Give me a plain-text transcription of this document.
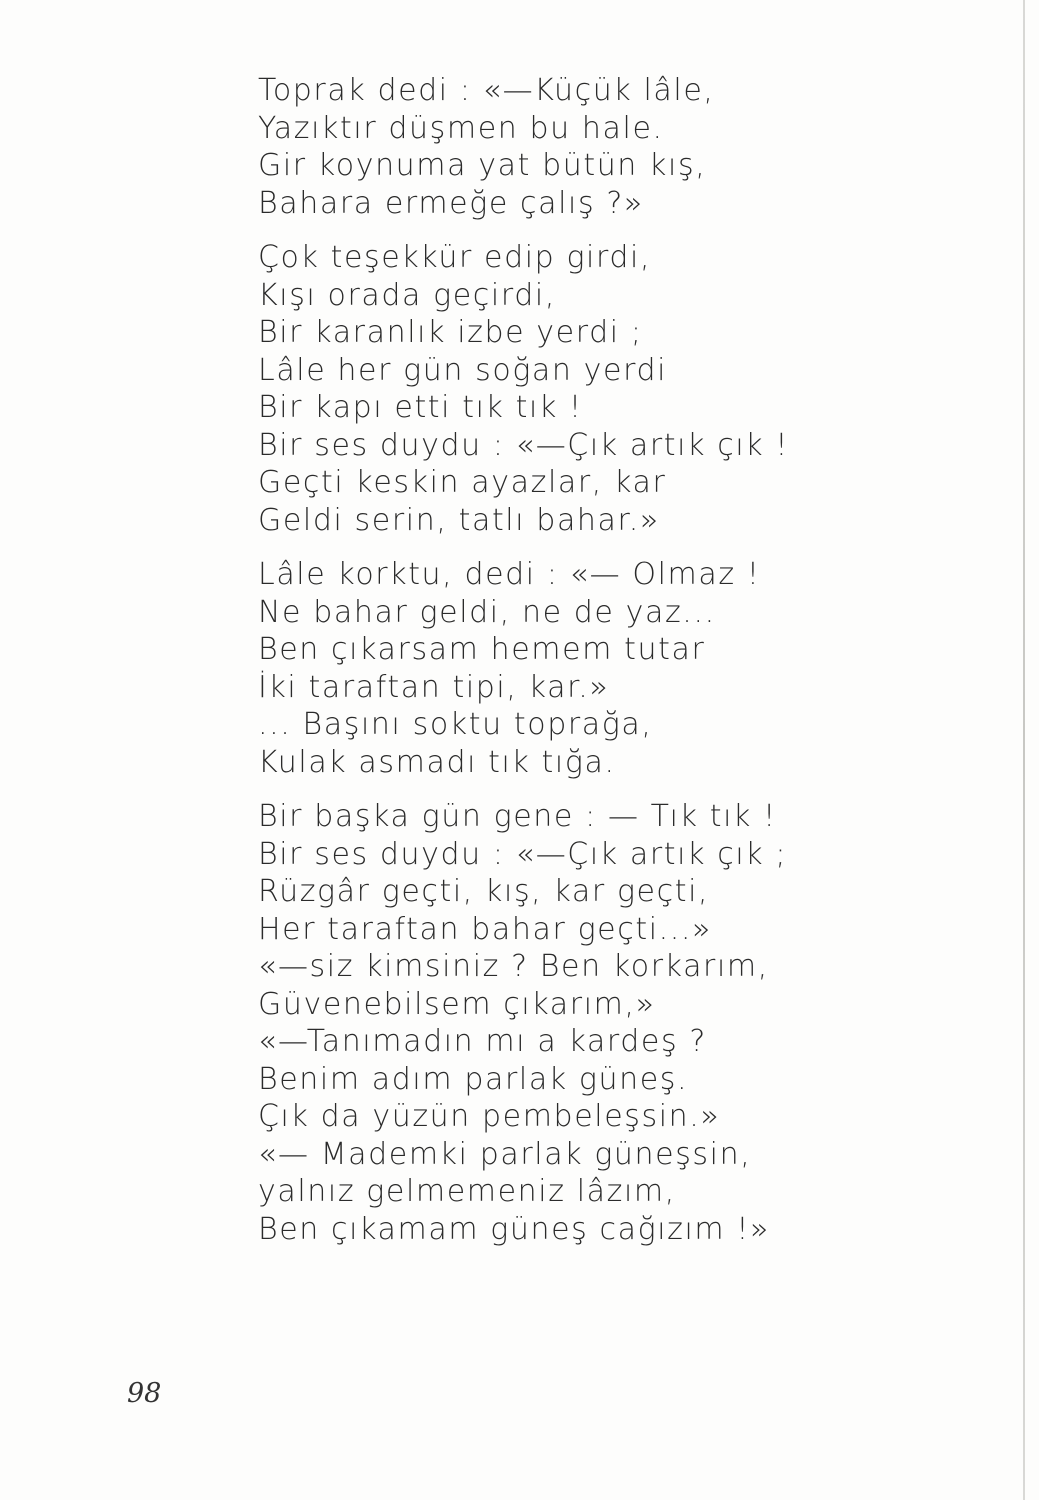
Toprak dedi : «—Küçük lâle,
Yazıktır düşmen bu hale.
Gir koynuma yat bütün kış,
Bahara ermeğe çalış ?»
Çok teşekkür edip girdi,
Kışı orada geçirdi,
Bir karanlık izbe yerdi ;
Lâle her gün soğan yerdi
Bir kapı etti tık tık !
Bir ses duydu : «—Çık artık çık !
Geçti keskin ayazlar, kar
Geldi serin, tatlı bahar.»
Lâle korktu, dedi : «— Olmaz !
Ne bahar geldi, ne de yaz...
Ben çıkarsam hemem tutar
İki taraftan tipi, kar.»
... Başını soktu toprağa,
Kulak asmadı tık tığa.
Bir başka gün gene : — Tık tık !
Bir ses duydu : «—Çık artık çık ;
Rüzgâr geçti, kış, kar geçti,
Her taraftan bahar geçti...»
«—siz kimsiniz ? Ben korkarım,
Güvenebilsem çıkarım,»
«—Tanımadın mı a kardeş ?
Benim adım parlak güneş.
Çık da yüzün pembeleşsin.»
«— Mademki parlak güneşsin,
yalnız gelmemeniz lâzım,
Ben çıkamam güneş cağızım !»
98
